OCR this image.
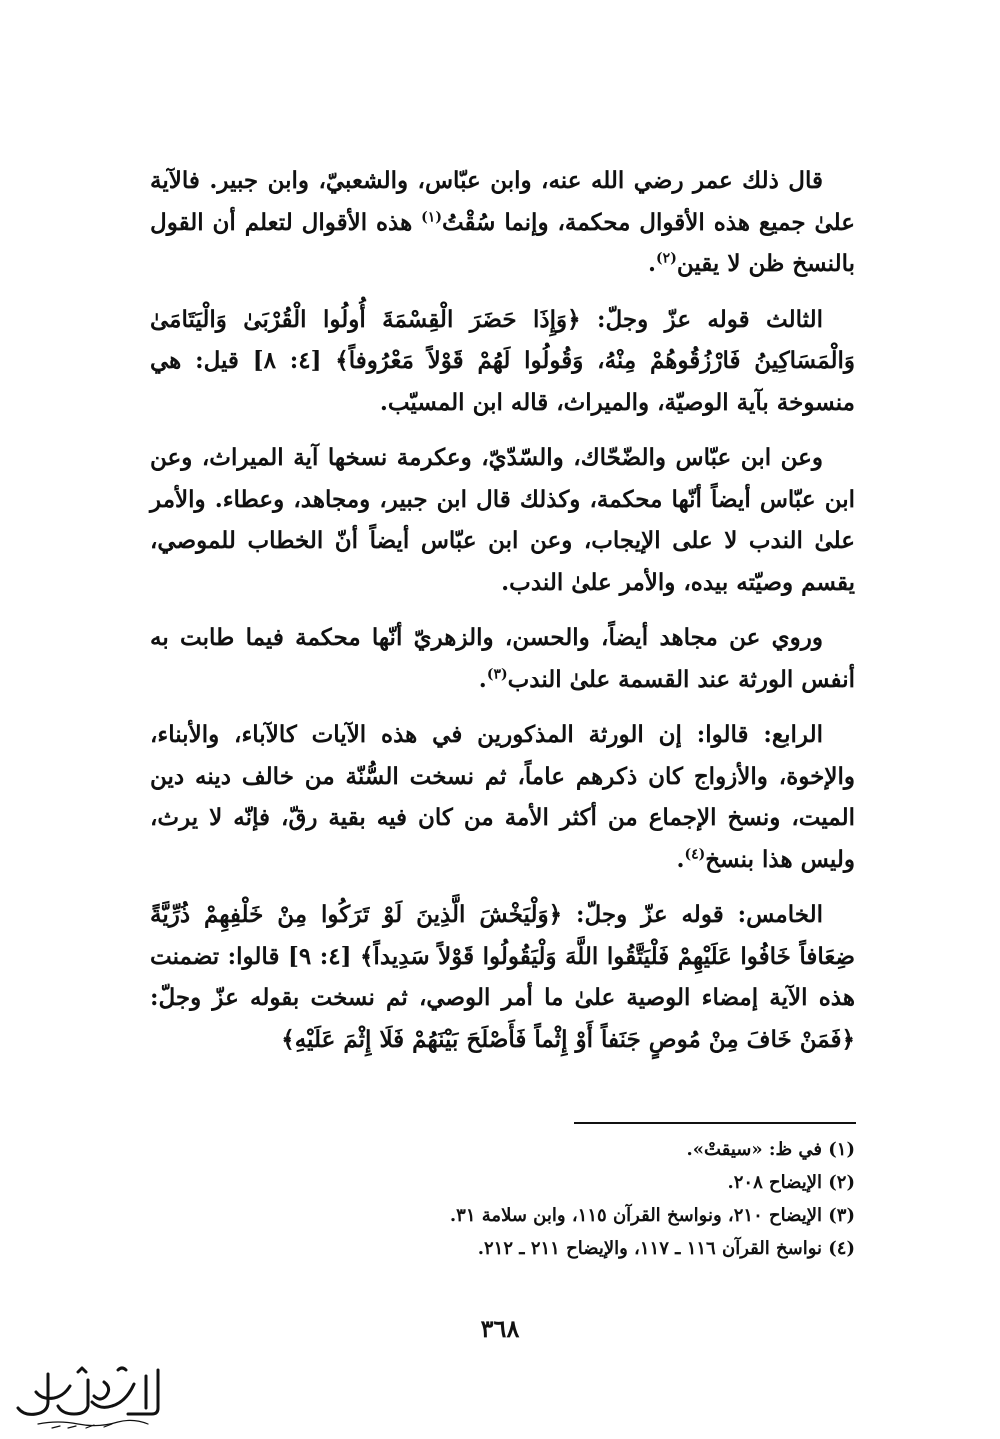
قال ذلك عمر رضي الله عنه، وابن عبّاس، والشعبيّ، وابن جبير. فالآية علىٰ جميع هذه الأقوال محكمة، وإنما سُقْتُ$^{(١)}$ هذه الأقوال لتعلم أن القول بالنسخ ظن لا يقين$^{(٢)}$.

الثالث قوله عزّ وجلّ: ﴿وَإِذَا حَضَرَ الْقِسْمَةَ أُولُوا الْقُرْبَىٰ وَالْيَتَامَىٰ وَالْمَسَاكِينُ فَارْزُقُوهُمْ مِنْهُ، وَقُولُوا لَهُمْ قَوْلاً مَعْرُوفاً﴾ [٤: ٨] قيل: هي منسوخة بآية الوصيّة، والميراث، قاله ابن المسيّب.

وعن ابن عبّاس والضّحّاك، والسّدّيّ، وعكرمة نسخها آية الميراث، وعن ابن عبّاس أيضاً أنّها محكمة، وكذلك قال ابن جبير، ومجاهد، وعطاء. والأمر علىٰ الندب لا على الإيجاب، وعن ابن عبّاس أيضاً أنّ الخطاب للموصي، يقسم وصيّته بيده، والأمر علىٰ الندب.

وروي عن مجاهد أيضاً، والحسن، والزهريّ أنّها محكمة فيما طابت به أنفس الورثة عند القسمة علىٰ الندب$^{(٣)}$.

الرابع: قالوا: إن الورثة المذكورين في هذه الآيات كالآباء، والأبناء، والإخوة، والأزواج كان ذكرهم عاماً، ثم نسخت السُّنّة من خالف دينه دين الميت، ونسخ الإجماع من أكثر الأمة من كان فيه بقية رقّ، فإنّه لا يرث، وليس هذا بنسخ$^{(٤)}$.

الخامس: قوله عزّ وجلّ: ﴿وَلْيَخْشَ الَّذِينَ لَوْ تَرَكُوا مِنْ خَلْفِهِمْ ذُرِّيَّةً ضِعَافاً خَافُوا عَلَيْهِمْ فَلْيَتَّقُوا اللَّهَ وَلْيَقُولُوا قَوْلاً سَدِيداً﴾ [٤: ٩] قالوا: تضمنت هذه الآية إمضاء الوصية علىٰ ما أمر الوصي، ثم نسخت بقوله عزّ وجلّ: ﴿فَمَنْ خَافَ مِنْ مُوصٍ جَنَفاً أَوْ إِثْماً فَأَصْلَحَ بَيْنَهُمْ فَلَا إِثْمَ عَلَيْهِ﴾

(١) في ظ: «سيقتْ».

(٢) الإيضاح ٢٠٨.

(٣) الإيضاح ٢١٠، ونواسخ القرآن ١١٥، وابن سلامة ٣١.

(٤) نواسخ القرآن ١١٦ ـ ١١٧، والإيضاح ٢١١ ـ ٢١٢.

٣٦٨
